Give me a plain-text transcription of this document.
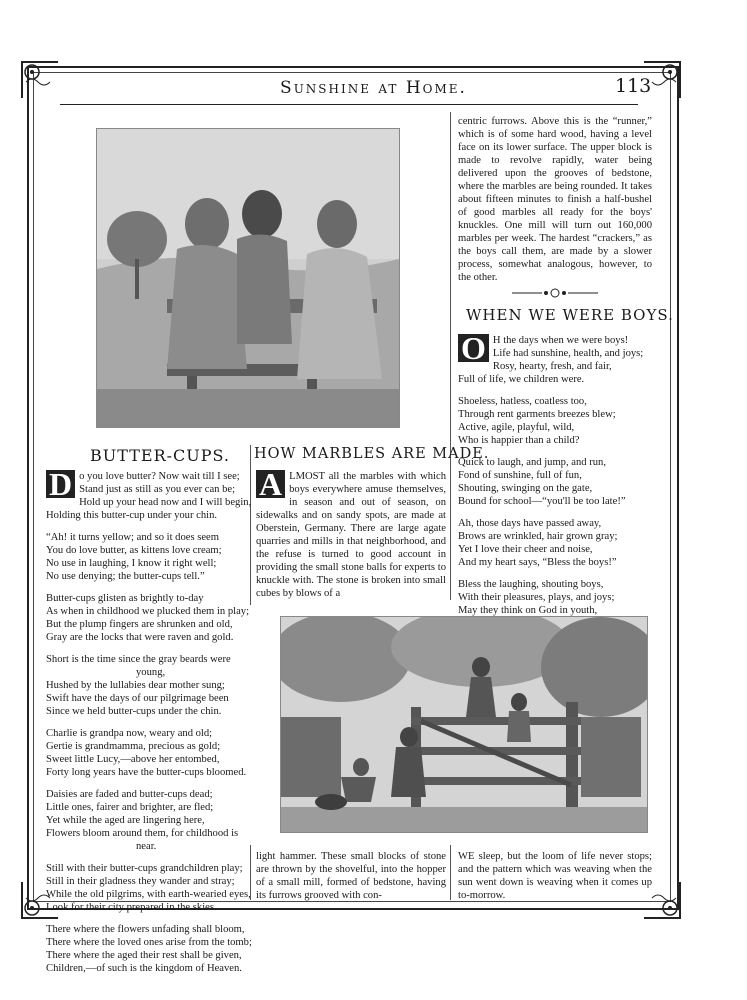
Sunshine at Home.	113
BUTTER-CUPS.
D o you love butter? Now wait till I see;
Stand just as still as you ever can be;
Hold up your head now and I will begin,
Holding this butter-cup under your chin.
“Ah! it turns yellow; and so it does seem
You do love butter, as kittens love cream;
No use in laughing, I know it right well;
No use denying; the butter-cups tell.”
Butter-cups glisten as brightly to-day
As when in childhood we plucked them in play;
But the plump fingers are shrunken and old,
Gray are the locks that were raven and gold.
Short is the time since the gray beards were
young,
Hushed by the lullabies dear mother sung;
Swift have the days of our pilgrimage been
Since we held butter-cups under the chin.
Charlie is grandpa now, weary and old;
Gertie is grandmamma, precious as gold;
Sweet little Lucy,—above her entombed,
Forty long years have the butter-cups bloomed.
Daisies are faded and butter-cups dead;
Little ones, fairer and brighter, are fled;
Yet while the aged are lingering here,
Flowers bloom around them, for childhood is
near.
Still with their butter-cups grandchildren play;
Still in their gladness they wander and stray;
While the old pilgrims, with earth-wearied eyes,
Look for their city prepared in the skies.
There where the flowers unfading shall bloom,
There where the loved ones arise from the tomb;
There where the aged their rest shall be given,
Children,—of such is the kingdom of Heaven.
HOW MARBLES ARE MADE.
A LMOST all the marbles with which boys everywhere amuse themselves, in season and out of season, on sidewalks and on sandy spots, are made at Oberstein, Germany. There are large agate quarries and mills in that neighborhood, and the refuse is turned to good account in providing the small stone balls for experts to knuckle with. The stone is broken into small cubes by blows of a
light hammer. These small blocks of stone are thrown by the shovelful, into the hopper of a small mill, formed of bedstone, having its furrows grooved with con-
centric furrows. Above this is the “runner,” which is of some hard wood, having a level face on its lower surface. The upper block is made to revolve rapidly, water being delivered upon the grooves of bedstone, where the marbles are being rounded. It takes about fifteen minutes to finish a half-bushel of good marbles all ready for the boys' knuckles. One mill will turn out 160,000 marbles per week. The hardest “crackers,” as the boys call them, are made by a slower process, somewhat analogous, however, to the other.
WHEN WE WERE BOYS.
O H the days when we were boys!
Life had sunshine, health, and joys;
Rosy, hearty, fresh, and fair,
Full of life, we children were.
Shoeless, hatless, coatless too,
Through rent garments breezes blew;
Active, agile, playful, wild,
Who is happier than a child?
Quick to laugh, and jump, and run,
Fond of sunshine, full of fun,
Shouting, swinging on the gate,
Bound for school—“you'll be too late!”
Ah, those days have passed away,
Brows are wrinkled, hair grown gray;
Yet I love their cheer and noise,
And my heart says, “Bless the boys!”
Bless the laughing, shouting boys,
With their pleasures, plays, and joys;
May they think on God in youth,
WE sleep, but the loom of life never stops; and the pattern which was weaving when the sun went down is weaving when it comes up to-morrow.
